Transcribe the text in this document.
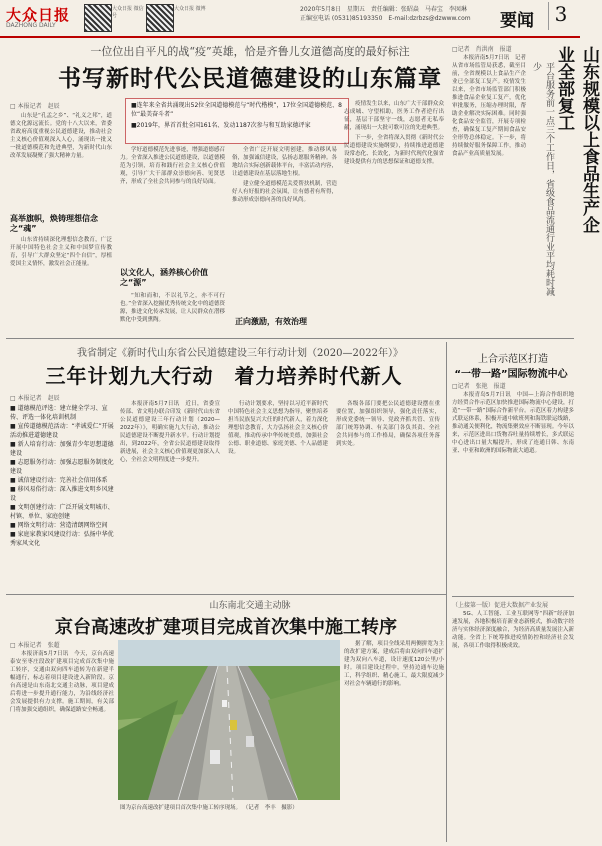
大众日报
DAZHONG DAILY
大众日报 微信号
大众日报 微博	2020年5月8日　星期五　责任编辑：张昭焱　马春宝　李囡琳
正编室电话 (0531)85193350　E-mail:dzrbzs@dzwww.com 要闻	3
一位位出自平凡的战“疫”英雄，恰是齐鲁儿女道德高度的最好标注
书写新时代公民道德建设的山东篇章
□ 本报记者　赵辰

山东是“孔孟之乡”、“礼义之邦”，道德文化源远流长。党的十八大以来，省委省政府高度重视公民道德建设，推动社会主义核心价值观深入人心，涌现出一批又一批道德模范和先进典型，为新时代山东改革发展凝聚了强大精神力量。

高举旗帜，焕铸理想信念之“魂”

山东省持续深化理想信念教育，广泛开展中国特色社会主义和中国梦宣传教育，引导广大群众坚定“四个自信”，厚植爱国主义情怀，激发社会正能量。

■连年来全省共涌现出52位全国道德模范与“时代楷模”，17位全国道德模范、8位“最美奋斗者”
■2019年，界首首批全国161名、发动1187次参与和互助家德评家

学好道德模范先进事迹，增强道德感召力。全省深入推进公民道德建设，以道德模范为引领，培育和践行社会主义核心价值观，引导广大干部群众崇德向善、见贤思齐，形成了全社会共同参与的良好局面。

以文化人，涵养核心价值之“源”

“知和而和，不以礼节之，亦不可行也。”全省深入挖掘优秀传统文化中的道德资源，推进文化传承发展，让人民群众在潜移默化中受到熏陶。

全省广泛开展文明创建，推动移风易俗，加强诚信建设，弘扬志愿服务精神。各地结合实际创新载体平台，丰富活动内容，让道德建设在基层落地生根。

建立健全道德模范关爱帮扶机制，营造好人有好报的社会氛围，让有德者有所得，推动形成崇德向善的良好风尚。

正向激励，有效治理

疫情发生以来，山东广大干部群众众志成城、守望相助，医务工作者逆行出征，基层干部坚守一线，志愿者无私奉献，涌现出一大批可歌可泣的先进典型。

下一步，全省将深入贯彻《新时代公民道德建设实施纲要》，持续推进道德建设常态化、长效化，为新时代现代化强省建设提供有力的思想保证和道德支撑。	山东规模以上食品生产企业全部复工
平台服务前一点三个工作日，省级食品流通行业平均耗时减少
□记者　肖洪南　报道

本报济南5月7日讯　记者从省市场监管局获悉，截至目前，全省规模以上食品生产企业已全部复工复产。疫情发生以来，全省市场监管部门积极推进食品企业复工复产，优化审批服务，压缩办理时限，帮助企业解决实际困难。同时强化食品安全监管，开展专项检查，确保复工复产期间食品安全形势总体稳定。下一步，将持续做好服务保障工作，推动食品产业高质量发展。

上合示范区打造
“一带一路”国际物流中心
□记者　张艳　报道

本报青岛5月7日讯　中国—上海合作组织地方经贸合作示范区加快推进国际物流中心建设，打造“一带一路”国际合作新平台。示范区着力构建多式联运体系，积极开通中欧班列和海铁联运线路，推动通关便利化，物流集聚效应不断显现。今年以来，示范区进出口货物吞吐量持续增长，多式联运中心进出口量大幅提升，形成了连通日韩、东南亚、中亚和欧洲的国际物流大通道。

（上接第一版）促进大数据产业发展

5G、人工智能、工业互联网等“四新”经济加速发展，各地积极培育新业态新模式，推动数字经济与实体经济深度融合，为经济高质量发展注入新动能。全省上下统筹推进疫情防控和经济社会发展，各项工作取得积极成效。

我省制定《新时代山东省公民道德建设三年行动计划（2020—2022年）》
三年计划九大行动　着力培养时代新人
□ 本报记者　赵辰
■ 道德模范评选：建立健全学习、宣传、评选一体化培训机制
■ 宣传道德模范活动：“孝诚爱仁”开展活动推进道德建设
■ 新人培育行动：加强青少年思想道德建设
■ 志愿服务行动：加强志愿服务制度化建设
■ 诚信建设行动：完善社会信用体系
■ 移风易俗行动：深入推进文明乡风建设
■ 文明创建行动：广泛开展文明城市、村镇、单位、家庭创建
■ 网络文明行动：营造清朗网络空间
■ 家庭家教家风建设行动：弘扬中华优秀家风文化

本报济南5月7日讯　近日，省委宣传部、省文明办联合印发《新时代山东省公民道德建设三年行动计划（2020—2022年）》，明确实施九大行动，推动公民道德建设不断提升新水平。行动计划提出，到2022年，全省公民道德建设取得新进展，社会主义核心价值观更加深入人心，全社会文明程度进一步提升。

行动计划要求，坚持以习近平新时代中国特色社会主义思想为指导，聚焦培养担当民族复兴大任的时代新人，着力深化理想信念教育，大力弘扬社会主义核心价值观，推动传承中华传统美德，加强社会公德、职业道德、家庭美德、个人品德建设。

各级各部门要把公民道德建设摆在重要位置，加强组织领导，强化责任落实，形成党委统一领导、党政齐抓共管、宣传部门统筹协调、有关部门各负其责、全社会共同参与的工作格局，确保各项任务落到实处。

山东南北交通主动脉
京台高速改扩建项目完成首次集中施工转序
□ 本报记者　张超

本报济南5月7日讯　今天，京台高速泰安至枣庄段改扩建项目完成首次集中施工转序，交通由双向四车道转为在新建半幅通行，标志着项目建设进入新阶段。京台高速是山东南北交通主动脉，项目建成后将进一步提升通行能力，为沿线经济社会发展提供有力支撑。施工期间，有关部门将加强交通组织，确保道路安全畅通。

图为京台高速改扩建项目首次集中施工转序现场。 （记者　李丰　摄影）

据了解，项目全线采用两侧拼宽为主的改扩建方案，建成后将由双向四车道扩建为双向八车道，设计速度120公里/小时。项目建设过程中，坚持边通车边施工，科学组织、精心施工，最大限度减少对社会车辆通行的影响。
